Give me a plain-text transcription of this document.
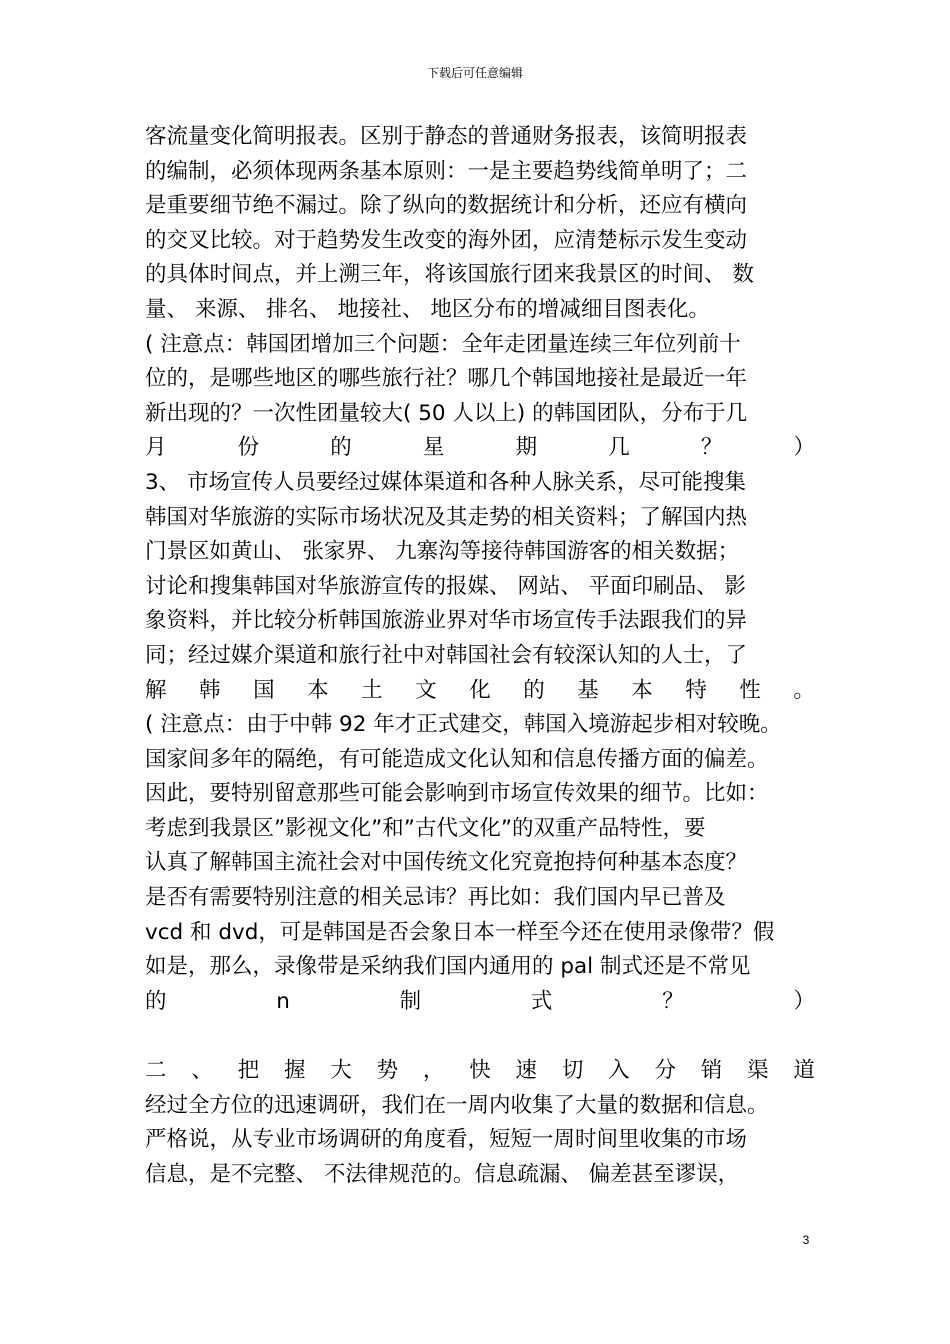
下载后可任意编辑
客流量变化简明报表。区别于静态的普通财务报表，该简明报表
的编制，必须体现两条基本原则：一是主要趋势线简单明了；二
是重要细节绝不漏过。除了纵向的数据统计和分析，还应有横向
的交叉比较。对于趋势发生改变的海外团，应清楚标示发生变动
的具体时间点，并上溯三年，将该国旅行团来我景区的时间、 数
量、 来源、 排名、 地接社、 地区分布的增减细目图表化。
( 注意点：韩国团增加三个问题：全年走团量连续三年位列前十
位的，是哪些地区的哪些旅行社？哪几个韩国地接社是最近一年
新出现的？一次性团量较大( 50 人以上) 的韩国团队，分布于几
月	份	的	星	期	几	？	）
3、 市场宣传人员要经过媒体渠道和各种人脉关系，尽可能搜集
韩国对华旅游的实际市场状况及其走势的相关资料；了解国内热
门景区如黄山、 张家界、 九寨沟等接待韩国游客的相关数据；
讨论和搜集韩国对华旅游宣传的报媒、 网站、 平面印刷品、 影
象资料，并比较分析韩国旅游业界对华市场宣传手法跟我们的异
同；经过媒介渠道和旅行社中对韩国社会有较深认知的人士，了
解 韩 国 本 土 文 化 的 基 本 特 性 。
( 注意点：由于中韩 92 年才正式建交，韩国入境游起步相对较晚。
国家间多年的隔绝，有可能造成文化认知和信息传播方面的偏差。
因此，要特别留意那些可能会影响到市场宣传效果的细节。比如：
考虑到我景区”影视文化”和”古代文化”的双重产品特性，要
认真了解韩国主流社会对中国传统文化究竟抱持何种基本态度？
是否有需要特别注意的相关忌讳？再比如：我们国内早已普及
vcd 和 dvd，可是韩国是否会象日本一样至今还在使用录像带？假
如是，那么，录像带是采纳我们国内通用的 pal 制式还是不常见
的	n	制	式	？	）
二 、 把 握 大 势 ， 快 速 切 入 分 销 渠 道
经过全方位的迅速调研，我们在一周内收集了大量的数据和信息。
严格说，从专业市场调研的角度看，短短一周时间里收集的市场
信息，是不完整、 不法律规范的。信息疏漏、 偏差甚至谬误，
3
